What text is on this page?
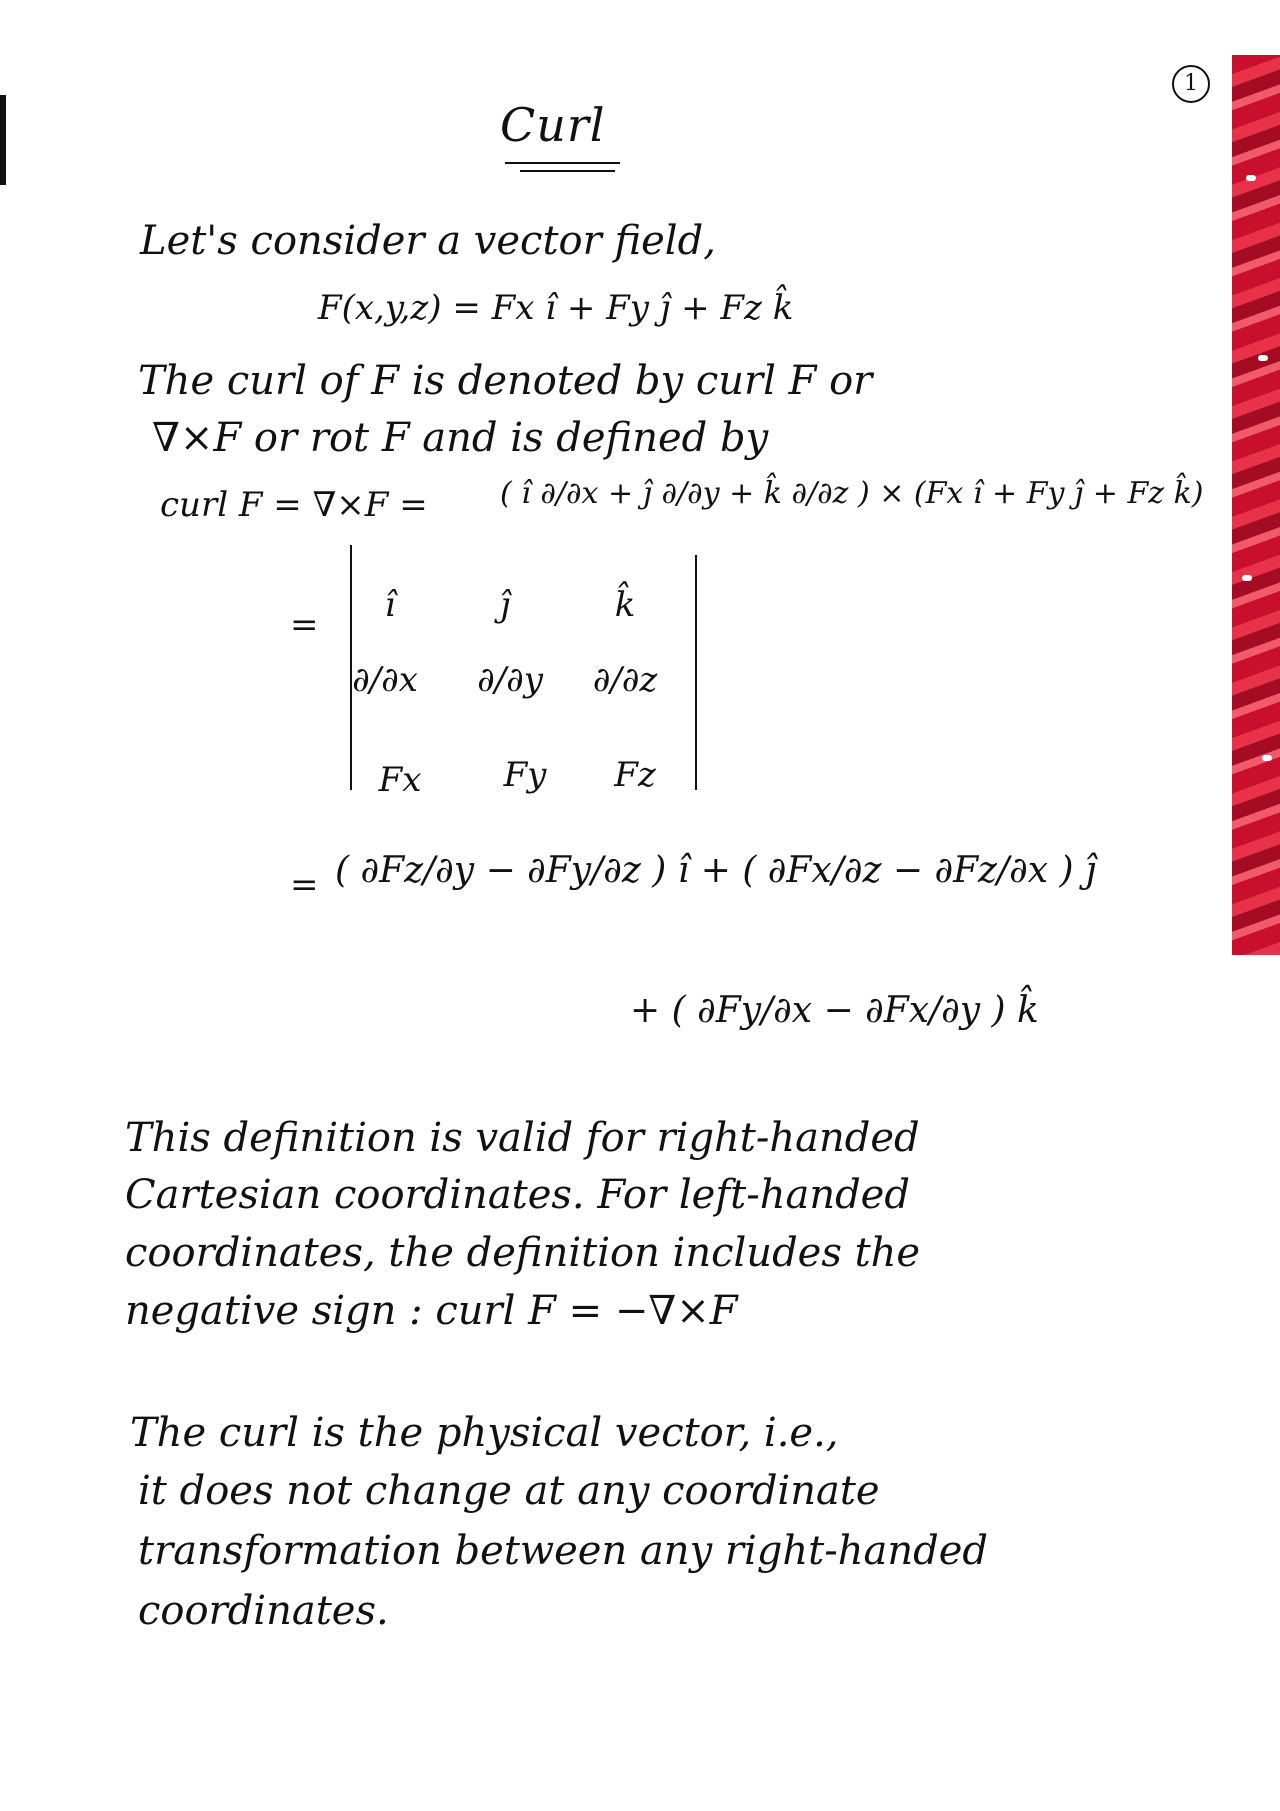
1
Curl
Let's consider a vector field,
F(x,y,z) = Fx î + Fy ĵ + Fz k̂
The curl of F is denoted by curl F or
∇×F or rot F and is defined by
curl F = ∇×F = ( î ∂/∂x + ĵ ∂/∂y + k̂ ∂/∂z ) × (Fx î + Fy ĵ + Fz k̂)
=	î	ĵ	k̂
∂/∂x ∂/∂y ∂/∂z
Fx	Fy	Fz
= ( ∂Fz/∂y − ∂Fy/∂z ) î + ( ∂Fx/∂z − ∂Fz/∂x ) ĵ
+ ( ∂Fy/∂x − ∂Fx/∂y ) k̂
This definition is valid for right-handed
Cartesian coordinates. For left-handed
coordinates, the definition includes the
negative sign : curl F = −∇×F
The curl is the physical vector, i.e.,
it does not change at any coordinate
transformation between any right-handed
coordinates.
